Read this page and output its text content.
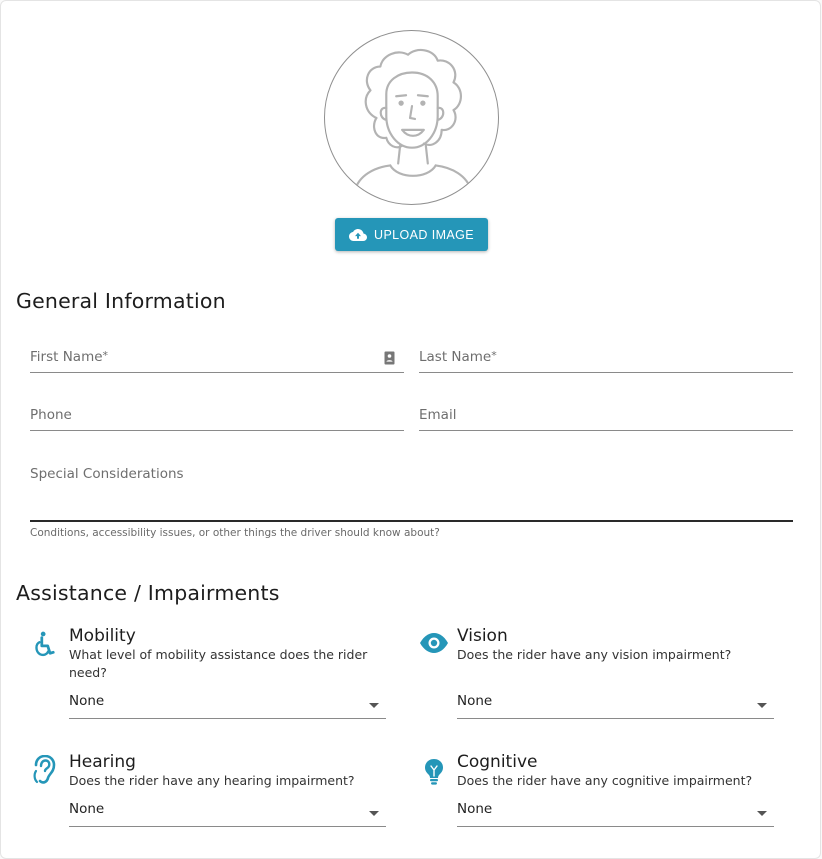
UPLOAD IMAGE
General Information
First Name*	Last Name*
Phone	Email
Special Considerations
Conditions, accessibility issues, or other things the driver should know about?
Assistance / Impairments
Mobility
What level of mobility assistance does the rider need?
None
Vision
Does the rider have any vision impairment?
None
Hearing
Does the rider have any hearing impairment?
None
Cognitive
Does the rider have any cognitive impairment?
None
